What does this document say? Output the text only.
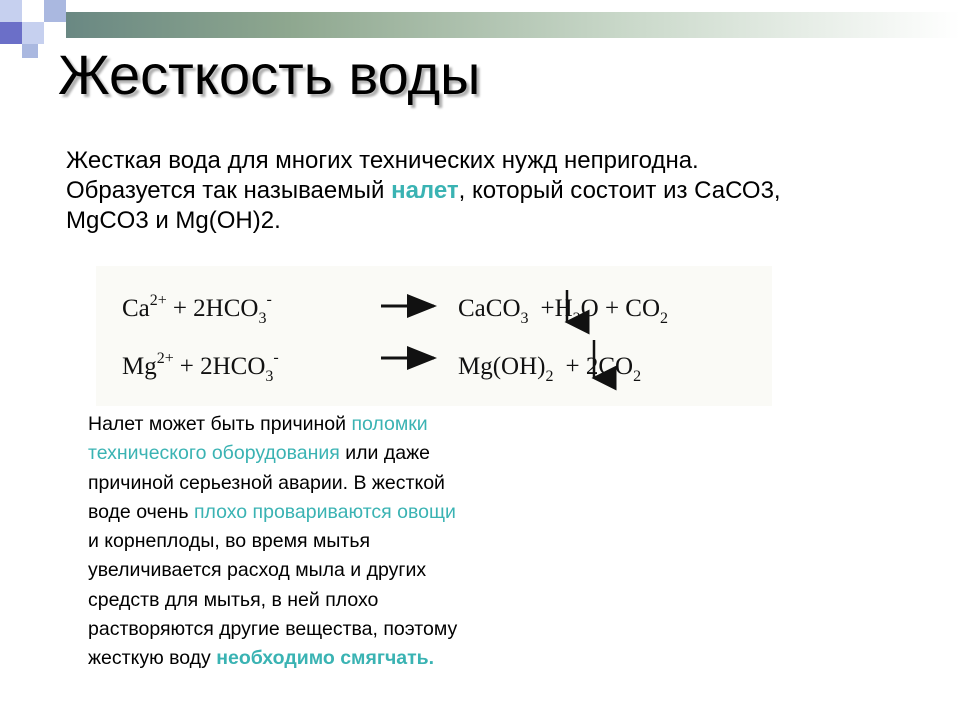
Жесткость воды
Жесткая вода для многих технических нужд непригодна.
Образуется так называемый налет, который состоит из СаСО3,
MgCO3 и Mg(OH)2.
$Ca^{2+} + 2HCO_3^-$	CaCO$_3$ $+H_2O + CO_2$
$Mg^{2+} + 2HCO_3^-$	$Mg(OH)_2 + 2CO_2$
Налет может быть причиной поломки
технического оборудования или даже
причиной серьезной аварии. В жесткой
воде очень плохо провариваются овощи
и корнеплоды, во время мытья
увеличивается расход мыла и других
средств для мытья, в ней плохо
растворяются другие вещества, поэтому
жесткую воду необходимо смягчать.
